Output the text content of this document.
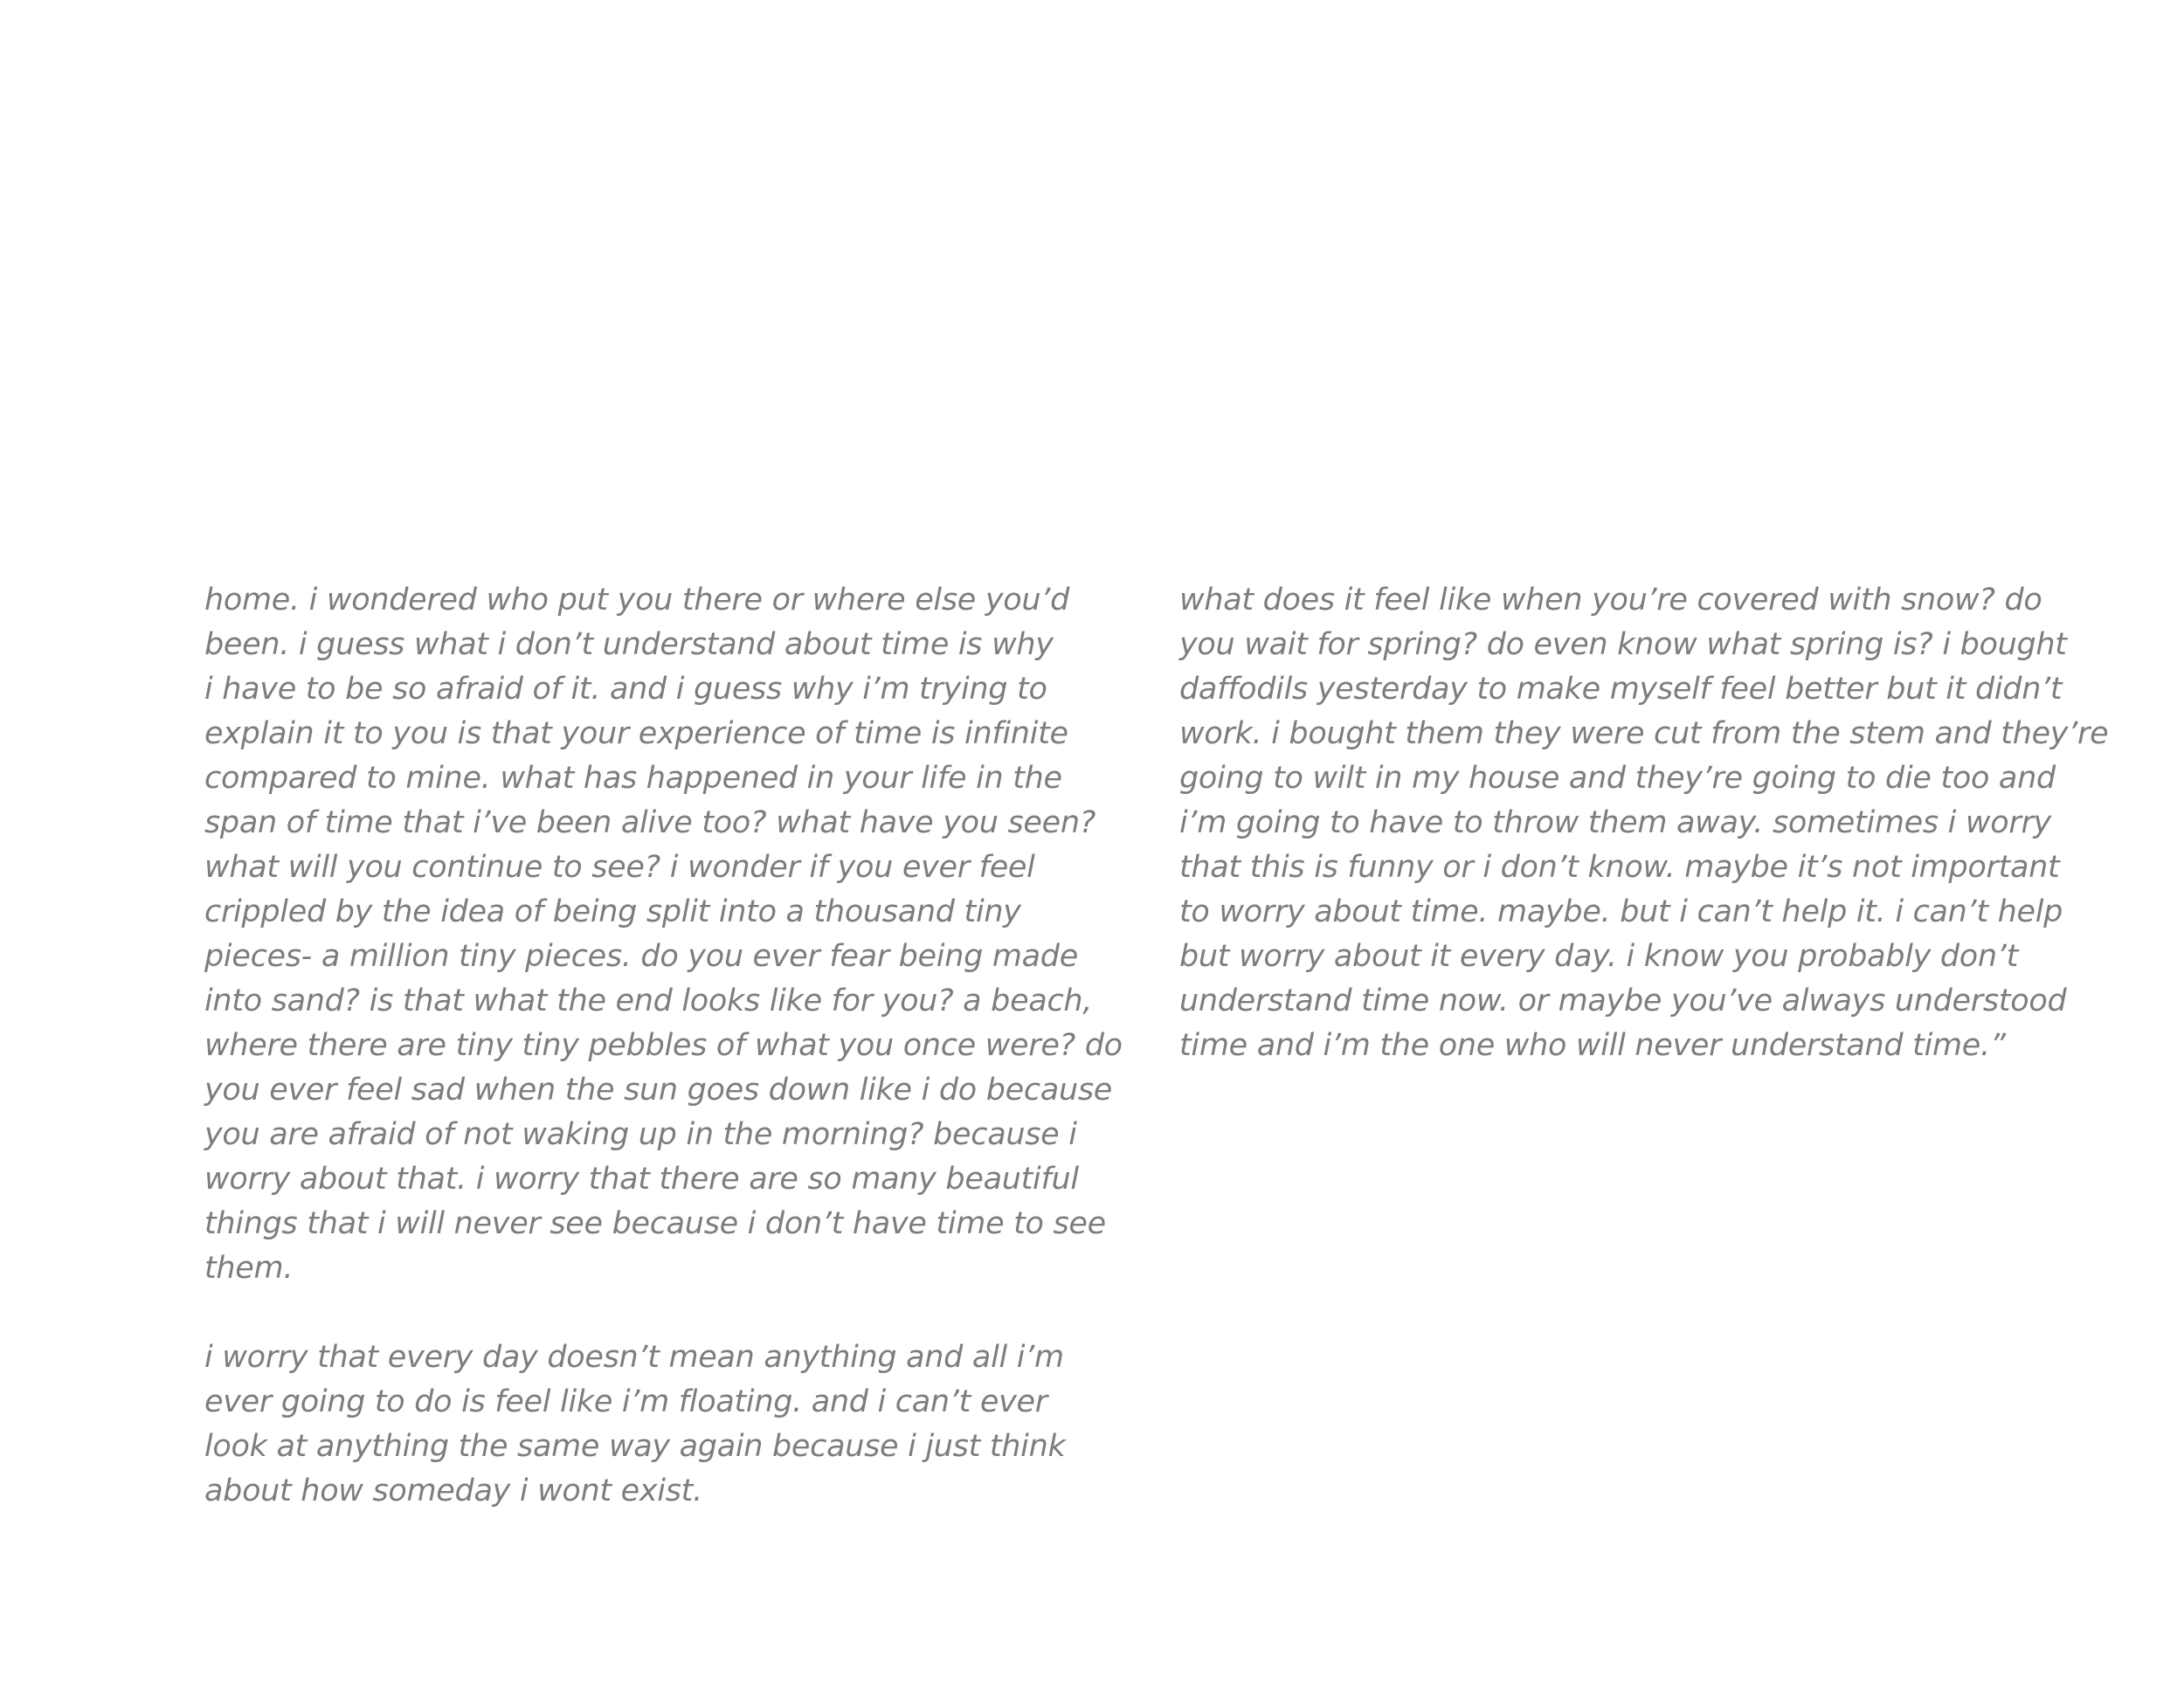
home. i wondered who put you there or where else you’d
been. i guess what i don’t understand about time is why
i have to be so afraid of it. and i guess why i’m trying to
explain it to you is that your experience of time is infinite
compared to mine. what has happened in your life in the
span of time that i’ve been alive too? what have you seen?
what will you continue to see? i wonder if you ever feel
crippled by the idea of being split into a thousand tiny
pieces- a million tiny pieces. do you ever fear being made
into sand? is that what the end looks like for you? a beach,
where there are tiny tiny pebbles of what you once were? do
you ever feel sad when the sun goes down like i do because
you are afraid of not waking up in the morning? because i
worry about that. i worry that there are so many beautiful
things that i will never see because i don’t have time to see
them.
i worry that every day doesn’t mean anything and all i’m
ever going to do is feel like i’m floating. and i can’t ever
look at anything the same way again because i just think
about how someday i wont exist.
what does it feel like when you’re covered with snow? do
you wait for spring? do even know what spring is? i bought
daffodils yesterday to make myself feel better but it didn’t
work. i bought them they were cut from the stem and they’re
going to wilt in my house and they’re going to die too and
i’m going to have to throw them away. sometimes i worry
that this is funny or i don’t know. maybe it’s not important
to worry about time. maybe. but i can’t help it. i can’t help
but worry about it every day. i know you probably don’t
understand time now. or maybe you’ve always understood
time and i’m the one who will never understand time.”
